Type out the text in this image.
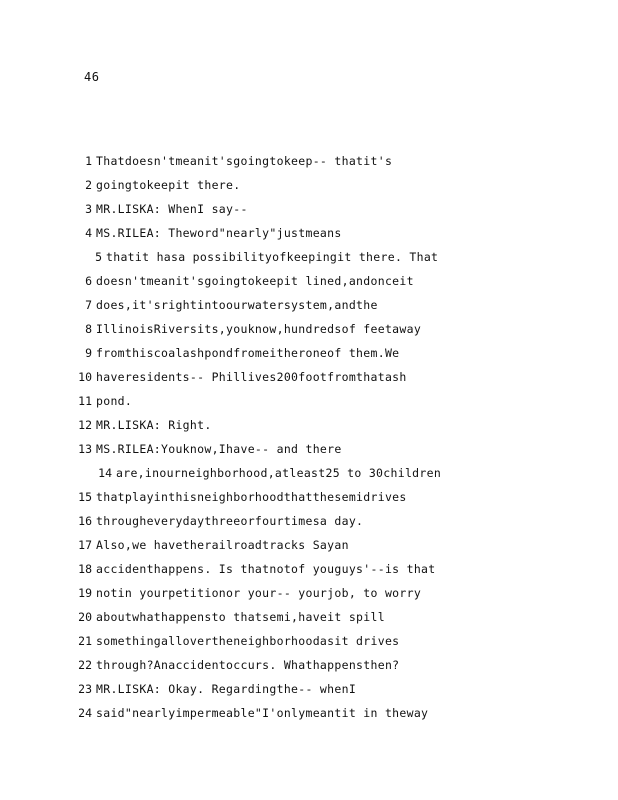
46
1 Thatdoesn'tmeanit'sgoingtokeep-- thatit's
2 goingtokeepit there.
3 MR.LISKA: WhenI say--
4 MS.RILEA: Theword"nearly"justmeans
5 thatit hasa possibilityofkeepingit there. That
6 doesn'tmeanit'sgoingtokeepit lined,andonceit
7 does,it'srightintoourwatersystem,andthe
8 IllinoisRiversits,youknow,hundredsof feetaway
9 fromthiscoalashpondfromeitheroneof them.We
10 haveresidents-- Phillives200footfromthatash
11 pond.
12 MR.LISKA: Right.
13 MS.RILEA:Youknow,Ihave-- and there
14 are,inourneighborhood,atleast25 to 30children
15 thatplayinthisneighborhoodthatthesemidrives
16 througheverydaythreeorfourtimesa day.
17 Also,we havetherailroadtracks Sayan
18 accidenthappens. Is thatnotof youguys'--is that
19 notin yourpetitionor your-- yourjob, to worry
20 aboutwhathappensto thatsemi,haveit spill
21 somethingallovertheneighborhoodasit drives
22 through?Anaccidentoccurs. Whathappensthen?
23 MR.LISKA: Okay. Regardingthe-- whenI
24 said"nearlyimpermeable"I'onlymeantit in theway
